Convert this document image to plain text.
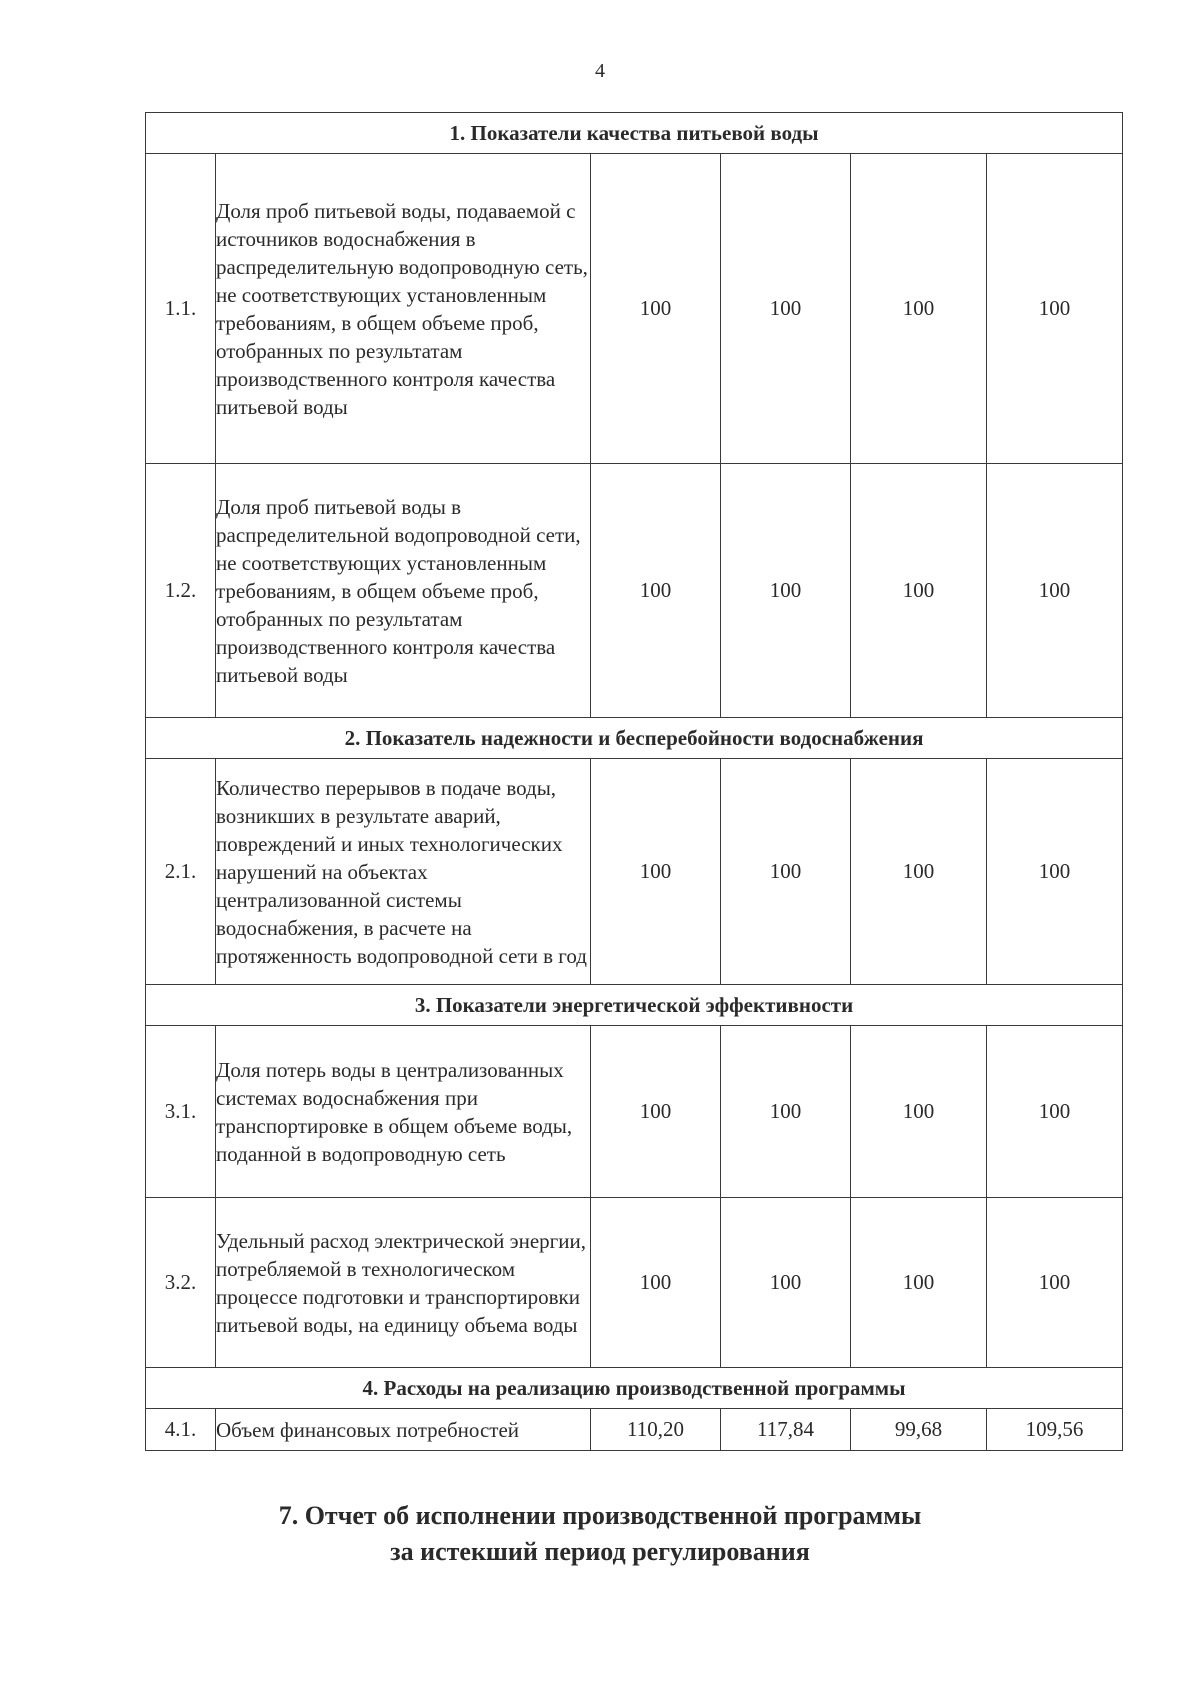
4
1. Показатели качества питьевой воды					
1.1.	Доля проб питьевой воды, подаваемой с источников водоснабжения в распределительную водопроводную сеть, не соответствующих установленным требованиям, в общем объеме проб, отобранных по результатам производственного контроля качества питьевой воды	100	100	100	100
1.2.	Доля проб питьевой воды в распределительной водопроводной сети, не соответствующих установленным требованиям, в общем объеме проб, отобранных по результатам производственного контроля качества питьевой воды	100	100	100	100
2. Показатель надежности и бесперебойности водоснабжения					
2.1.	Количество перерывов в подаче воды, возникших в результате аварий, повреждений и иных технологических нарушений на объектах централизованной системы водоснабжения, в расчете на протяженность водопроводной сети в год	100	100	100	100
3. Показатели энергетической эффективности					
3.1.	Доля потерь воды в централизованных системах водоснабжения при транспортировке в общем объеме воды, поданной в водопроводную сеть	100	100	100	100
3.2.	Удельный расход электрической энергии, потребляемой в технологическом процессе подготовки и транспортировки питьевой воды, на единицу объема воды	100	100	100	100
4. Расходы на реализацию производственной программы					
4.1.	Объем финансовых потребностей	110,20	117,84	99,68	109,56
7. Отчет об исполнении производственной программы
за истекший период регулирования
